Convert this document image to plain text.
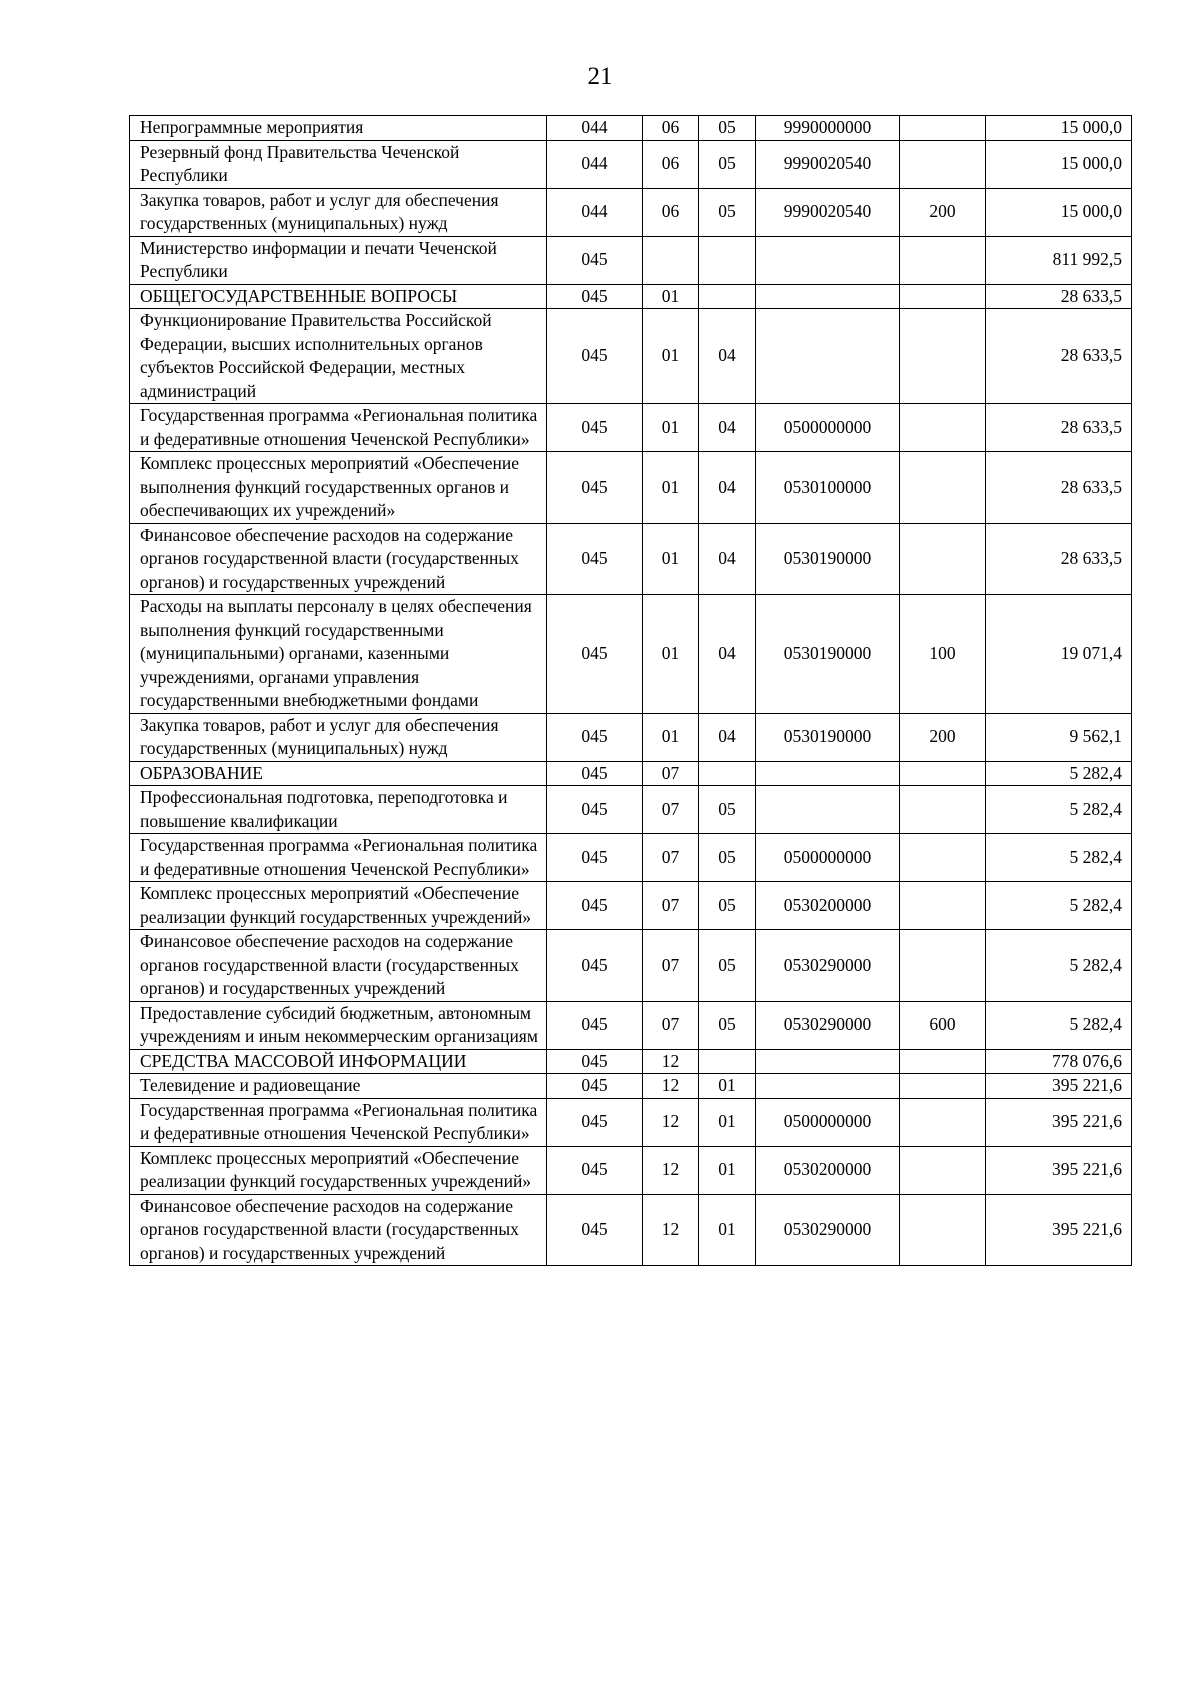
21
Непрограммные мероприятия	044	06	05	9990000000		15 000,0
Резервный фонд Правительства Чеченской Республики	044	06	05	9990020540		15 000,0
Закупка товаров, работ и услуг для обеспечения государственных (муниципальных) нужд	044	06	05	9990020540	200	15 000,0
Министерство информации и печати Чеченской Республики	045					811 992,5
ОБЩЕГОСУДАРСТВЕННЫЕ ВОПРОСЫ	045	01				28 633,5
Функционирование Правительства Российской Федерации, высших исполнительных органов субъектов Российской Федерации, местных администраций	045	01	04			28 633,5
Государственная программа «Региональная политика и федеративные отношения Чеченской Республики»	045	01	04	0500000000		28 633,5
Комплекс процессных мероприятий «Обеспечение выполнения функций государственных органов и обеспечивающих их учреждений»	045	01	04	0530100000		28 633,5
Финансовое обеспечение расходов на содержание органов государственной власти (государственных органов) и государственных учреждений	045	01	04	0530190000		28 633,5
Расходы на выплаты персоналу в целях обеспечения выполнения функций государственными (муниципальными) органами, казенными учреждениями, органами управления государственными внебюджетными фондами	045	01	04	0530190000	100	19 071,4
Закупка товаров, работ и услуг для обеспечения государственных (муниципальных) нужд	045	01	04	0530190000	200	9 562,1
ОБРАЗОВАНИЕ	045	07				5 282,4
Профессиональная подготовка, переподготовка и повышение квалификации	045	07	05			5 282,4
Государственная программа «Региональная политика и федеративные отношения Чеченской Республики»	045	07	05	0500000000		5 282,4
Комплекс процессных мероприятий «Обеспечение реализации функций государственных учреждений»	045	07	05	0530200000		5 282,4
Финансовое обеспечение расходов на содержание органов государственной власти (государственных органов) и государственных учреждений	045	07	05	0530290000		5 282,4
Предоставление субсидий бюджетным, автономным учреждениям и иным некоммерческим организациям	045	07	05	0530290000	600	5 282,4
СРЕДСТВА МАССОВОЙ ИНФОРМАЦИИ	045	12				778 076,6
Телевидение и радиовещание	045	12	01			395 221,6
Государственная программа «Региональная политика и федеративные отношения Чеченской Республики»	045	12	01	0500000000		395 221,6
Комплекс процессных мероприятий «Обеспечение реализации функций государственных учреждений»	045	12	01	0530200000		395 221,6
Финансовое обеспечение расходов на содержание органов государственной власти (государственных органов) и государственных учреждений	045	12	01	0530290000		395 221,6
